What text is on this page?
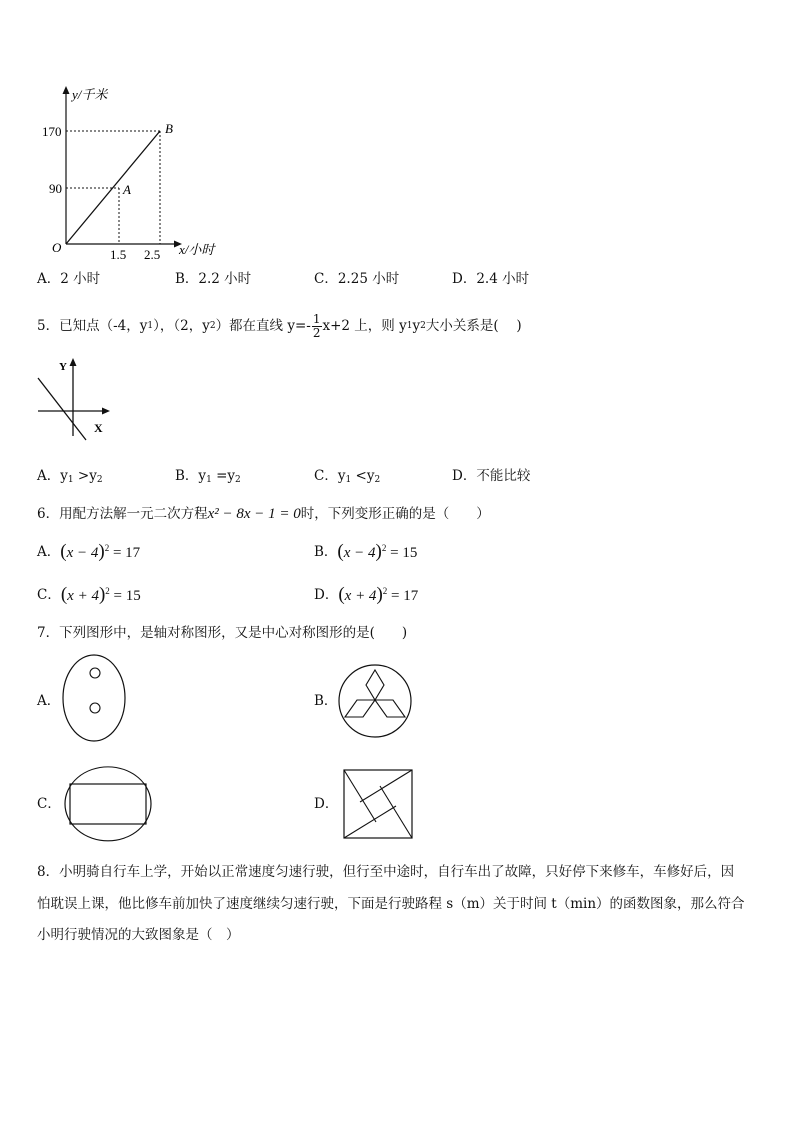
y/千米
x/小时
O
170
90
1.5 2.5
A
B
A．2 小时	B．2.2 小时	C．2.25 小时	D．2.4 小时
5． 已知点（-4，y 1 ），（2，y 2 ）都在直线 $y=- \frac{1}{2} x+2$ 上，则 y 1 y 2 大小关系是(　 )
Y
X
A．$y_1 >y_2$	B．$y_1 =y_2$	C．$y_1 <y_2$	D．不能比较
6． 用配方法解一元二次方程 x² − 8x − 1 = 0 时，下列变形正确的是（　　）
A． $(x - 4)^2 = 17$	B． $(x - 4)^2 = 15$
C． $(x + 4)^2 = 15$	D． $(x + 4)^2 = 17$
7．下列图形中，是轴对称图形，又是中心对称图形的是(　　)
A．	B．
C．	D．
8．小明骑自行车上学，开始以正常速度匀速行驶，但行至中途时，自行车出了故障，只好停下来修车，车修好后，因
怕耽误上课，他比修车前加快了速度继续匀速行驶，下面是行驶路程 s（m）关于时间 t（min）的函数图象，那么符合
小明行驶情况的大致图象是（　）
